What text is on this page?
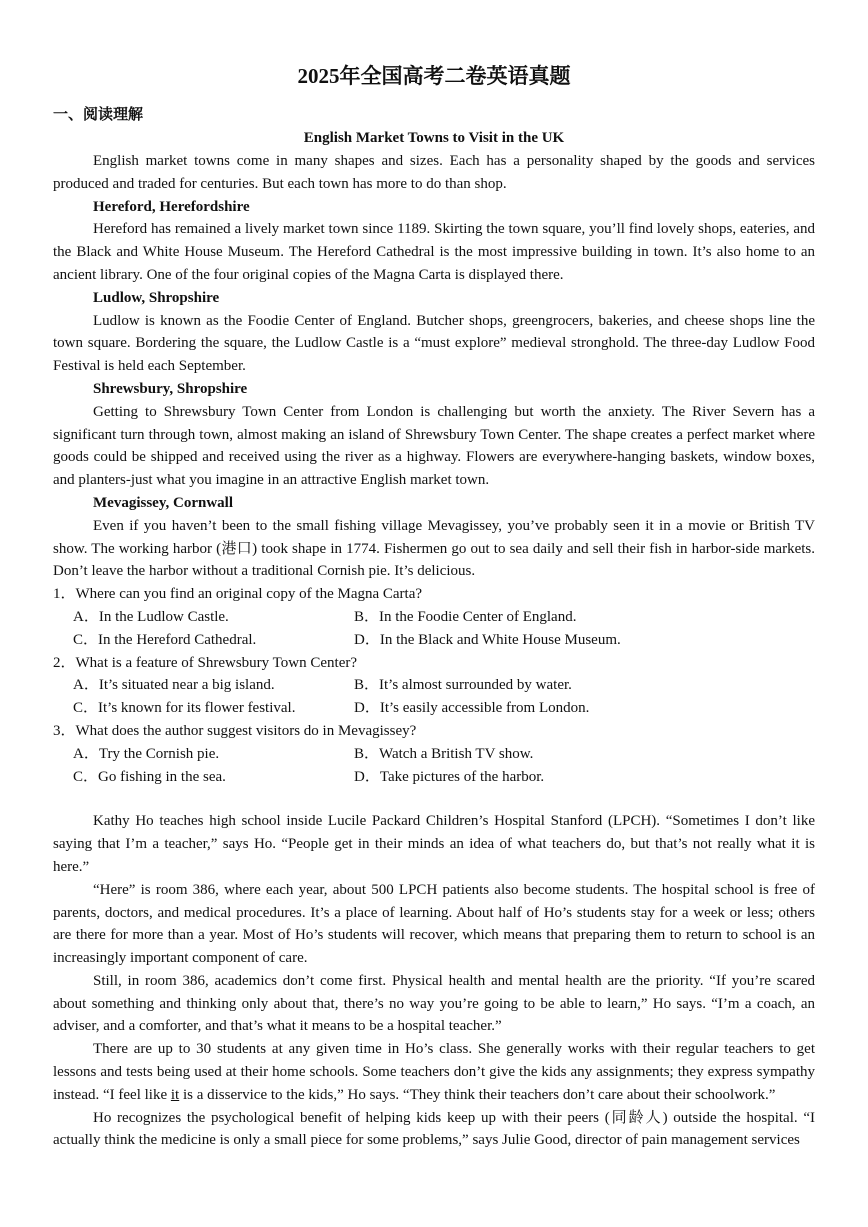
2025年全国高考二卷英语真题
一、阅读理解
English Market Towns to Visit in the UK

English market towns come in many shapes and sizes. Each has a personality shaped by the goods and services produced and traded for centuries. But each town has more to do than shop.

Hereford, Herefordshire

Hereford has remained a lively market town since 1189. Skirting the town square, you’ll find lovely shops, eateries, and the Black and White House Museum. The Hereford Cathedral is the most impressive building in town. It’s also home to an ancient library. One of the four original copies of the Magna Carta is displayed there.

Ludlow, Shropshire

Ludlow is known as the Foodie Center of England. Butcher shops, greengrocers, bakeries, and cheese shops line the town square. Bordering the square, the Ludlow Castle is a “must explore” medieval stronghold. The three-day Ludlow Food Festival is held each September.

Shrewsbury, Shropshire

Getting to Shrewsbury Town Center from London is challenging but worth the anxiety. The River Severn has a significant turn through town, almost making an island of Shrewsbury Town Center. The shape creates a perfect market where goods could be shipped and received using the river as a highway. Flowers are everywhere-hanging baskets, window boxes, and planters-just what you imagine in an attractive English market town.

Mevagissey, Cornwall

Even if you haven’t been to the small fishing village Mevagissey, you’ve probably seen it in a movie or British TV show. The working harbor (港口) took shape in 1774. Fishermen go out to sea daily and sell their fish in harbor-side markets. Don’t leave the harbor without a traditional Cornish pie. It’s delicious.

1．Where can you find an original copy of the Magna Carta?

A．In the Ludlow Castle.	B．In the Foodie Center of England.
C．In the Hereford Cathedral.	D．In the Black and White House Museum.

2．What is a feature of Shrewsbury Town Center?

A．It’s situated near a big island.	B．It’s almost surrounded by water.
C．It’s known for its flower festival.	D．It’s easily accessible from London.

3．What does the author suggest visitors do in Mevagissey?

A．Try the Cornish pie.	B．Watch a British TV show.
C．Go fishing in the sea.	D．Take pictures of the harbor.

Kathy Ho teaches high school inside Lucile Packard Children’s Hospital Stanford (LPCH). “Sometimes I don’t like saying that I’m a teacher,” says Ho. “People get in their minds an idea of what teachers do, but that’s not really what it is here.”

“Here” is room 386, where each year, about 500 LPCH patients also become students. The hospital school is free of parents, doctors, and medical procedures. It’s a place of learning. About half of Ho’s students stay for a week or less; others are there for more than a year. Most of Ho’s students will recover, which means that preparing them to return to school is an increasingly important component of care.

Still, in room 386, academics don’t come first. Physical health and mental health are the priority. “If you’re scared about something and thinking only about that, there’s no way you’re going to be able to learn,” Ho says. “I’m a coach, an adviser, and a comforter, and that’s what it means to be a hospital teacher.”

There are up to 30 students at any given time in Ho’s class. She generally works with their regular teachers to get lessons and tests being used at their home schools. Some teachers don’t give the kids any assignments; they express sympathy instead. “I feel like it is a disservice to the kids,” Ho says. “They think their teachers don’t care about their schoolwork.”

Ho recognizes the psychological benefit of helping kids keep up with their peers (同龄人) outside the hospital. “I actually think the medicine is only a small piece for some problems,” says Julie Good, director of pain management services
